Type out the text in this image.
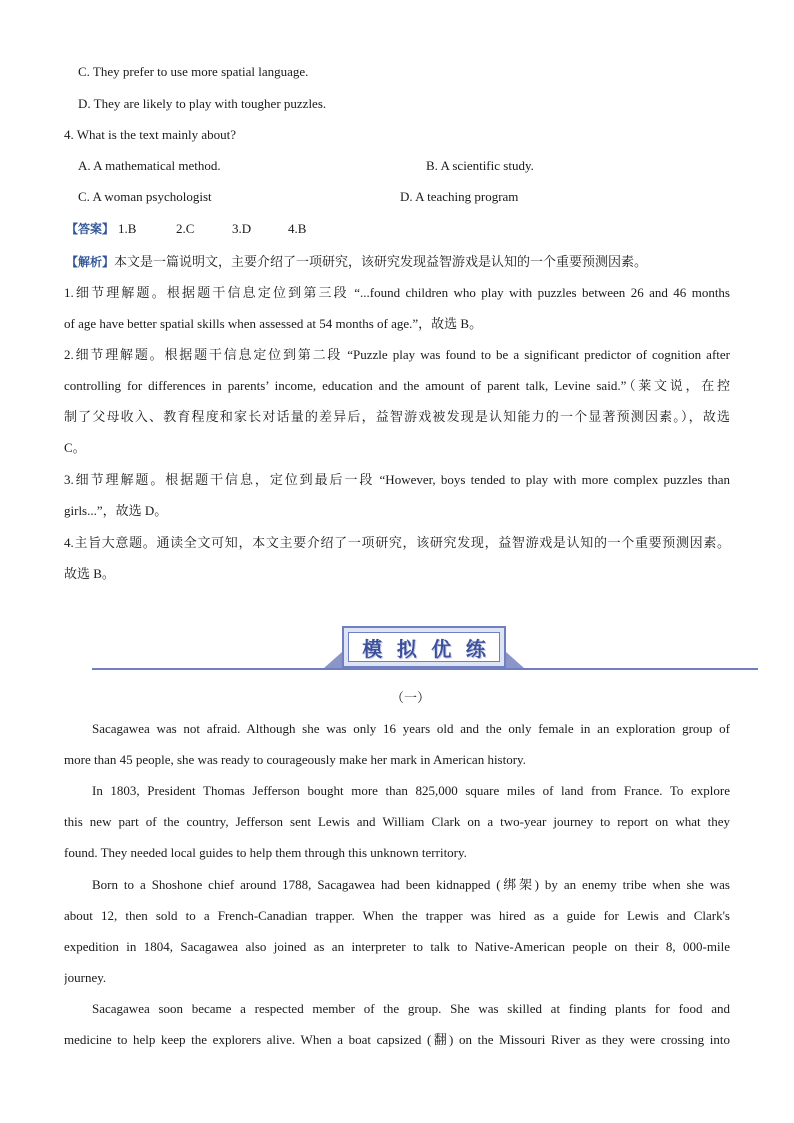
C. They prefer to use more spatial language.
D. They are likely to play with tougher puzzles.
4. What is the text mainly about?
A. A mathematical method.	B. A scientific study.
C. A woman psychologist	D. A teaching program
【答案】 1.B	2.C	3.D	4.B
【解析】本文是一篇说明文，主要介绍了一项研究，该研究发现益智游戏是认知的一个重要预测因素。
1.细节理解题。根据题干信息定位到第三段 “...found children who play with puzzles between 26 and 46 months
of age have better spatial skills when assessed at 54 months of age.”，故选 B。
2.细节理解题。根据题干信息定位到第二段 “Puzzle play was found to be a significant predictor of cognition after
controlling for differences in parents’ income, education and the amount of parent talk, Levine said.”（莱文说，在控
制了父母收入、教育程度和家长对话量的差异后，益智游戏被发现是认知能力的一个显著预测因素。），故选
C。
3.细节理解题。根据题干信息，定位到最后一段 “However, boys tended to play with more complex puzzles than
girls...”，故选 D。
4.主旨大意题。通读全文可知，本文主要介绍了一项研究，该研究发现，益智游戏是认知的一个重要预测因素。
故选 B。
模 拟 优 练
（一）
Sacagawea was not afraid. Although she was only 16 years old and the only female in an exploration group of
more than 45 people, she was ready to courageously make her mark in American history.
In 1803, President Thomas Jefferson bought more than 825,000 square miles of land from France. To explore
this new part of the country, Jefferson sent Lewis and William Clark on a two-year journey to report on what they
found. They needed local guides to help them through this unknown territory.
Born to a Shoshone chief around 1788, Sacagawea had been kidnapped (绑架) by an enemy tribe when she was
about 12, then sold to a French-Canadian trapper. When the trapper was hired as a guide for Lewis and Clark's
expedition in 1804, Sacagawea also joined as an interpreter to talk to Native-American people on their 8, 000-mile
journey.
Sacagawea soon became a respected member of the group. She was skilled at finding plants for food and
medicine to help keep the explorers alive. When a boat capsized (翻) on the Missouri River as they were crossing into
